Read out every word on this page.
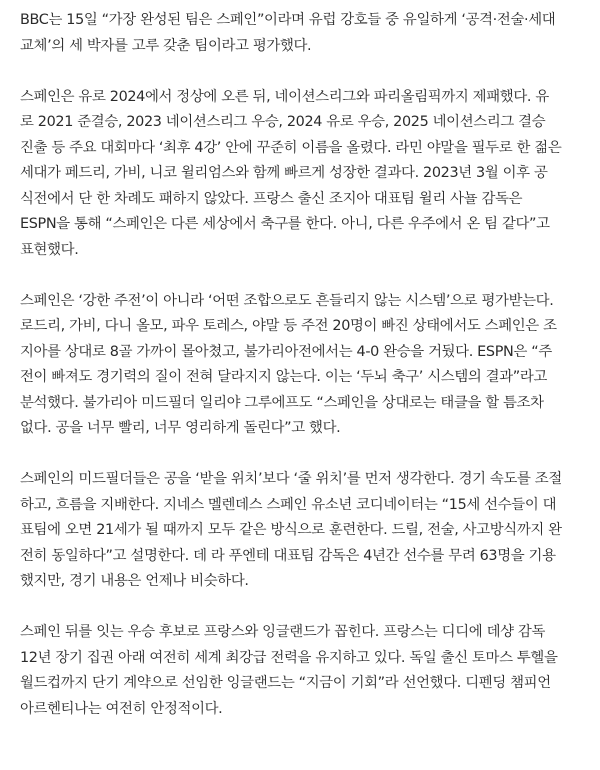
BBC는 15일 “가장 완성된 팀은 스페인”이라며 유럽 강호들 중 유일하게 ‘공격·전술·세대
교체’의 세 박자를 고루 갖춘 팀이라고 평가했다.

스페인은 유로 2024에서 정상에 오른 뒤, 네이션스리그와 파리올림픽까지 제패했다. 유
로 2021 준결승, 2023 네이션스리그 우승, 2024 유로 우승, 2025 네이션스리그 결승
진출 등 주요 대회마다 ‘최후 4강’ 안에 꾸준히 이름을 올렸다. 라민 야말을 필두로 한 젊은
세대가 페드리, 가비, 니코 윌리엄스와 함께 빠르게 성장한 결과다. 2023년 3월 이후 공
식전에서 단 한 차례도 패하지 않았다. 프랑스 출신 조지아 대표팀 윌리 사뇰 감독은
ESPN을 통해 “스페인은 다른 세상에서 축구를 한다. 아니, 다른 우주에서 온 팀 같다”고
표현했다.

스페인은 ‘강한 주전’이 아니라 ‘어떤 조합으로도 흔들리지 않는 시스템’으로 평가받는다.
로드리, 가비, 다니 올모, 파우 토레스, 야말 등 주전 20명이 빠진 상태에서도 스페인은 조
지아를 상대로 8골 가까이 몰아쳤고, 불가리아전에서는 4-0 완승을 거뒀다. ESPN은 “주
전이 빠져도 경기력의 질이 전혀 달라지지 않는다. 이는 ‘두뇌 축구’ 시스템의 결과”라고
분석했다. 불가리아 미드필더 일리야 그루에프도 “스페인을 상대로는 태클을 할 틈조차
없다. 공을 너무 빨리, 너무 영리하게 돌린다”고 했다.

스페인의 미드필더들은 공을 ‘받을 위치’보다 ‘줄 위치’를 먼저 생각한다. 경기 속도를 조절
하고, 흐름을 지배한다. 지네스 멜렌데스 스페인 유소년 코디네이터는 “15세 선수들이 대
표팀에 오면 21세가 될 때까지 모두 같은 방식으로 훈련한다. 드릴, 전술, 사고방식까지 완
전히 동일하다”고 설명한다. 데 라 푸엔테 대표팀 감독은 4년간 선수를 무려 63명을 기용
했지만, 경기 내용은 언제나 비슷하다.

스페인 뒤를 잇는 우승 후보로 프랑스와 잉글랜드가 꼽힌다. 프랑스는 디디에 데샹 감독
12년 장기 집권 아래 여전히 세계 최강급 전력을 유지하고 있다. 독일 출신 토마스 투헬을
월드컵까지 단기 계약으로 선임한 잉글랜드는 “지금이 기회”라 선언했다. 디펜딩 챔피언
아르헨티나는 여전히 안정적이다.
